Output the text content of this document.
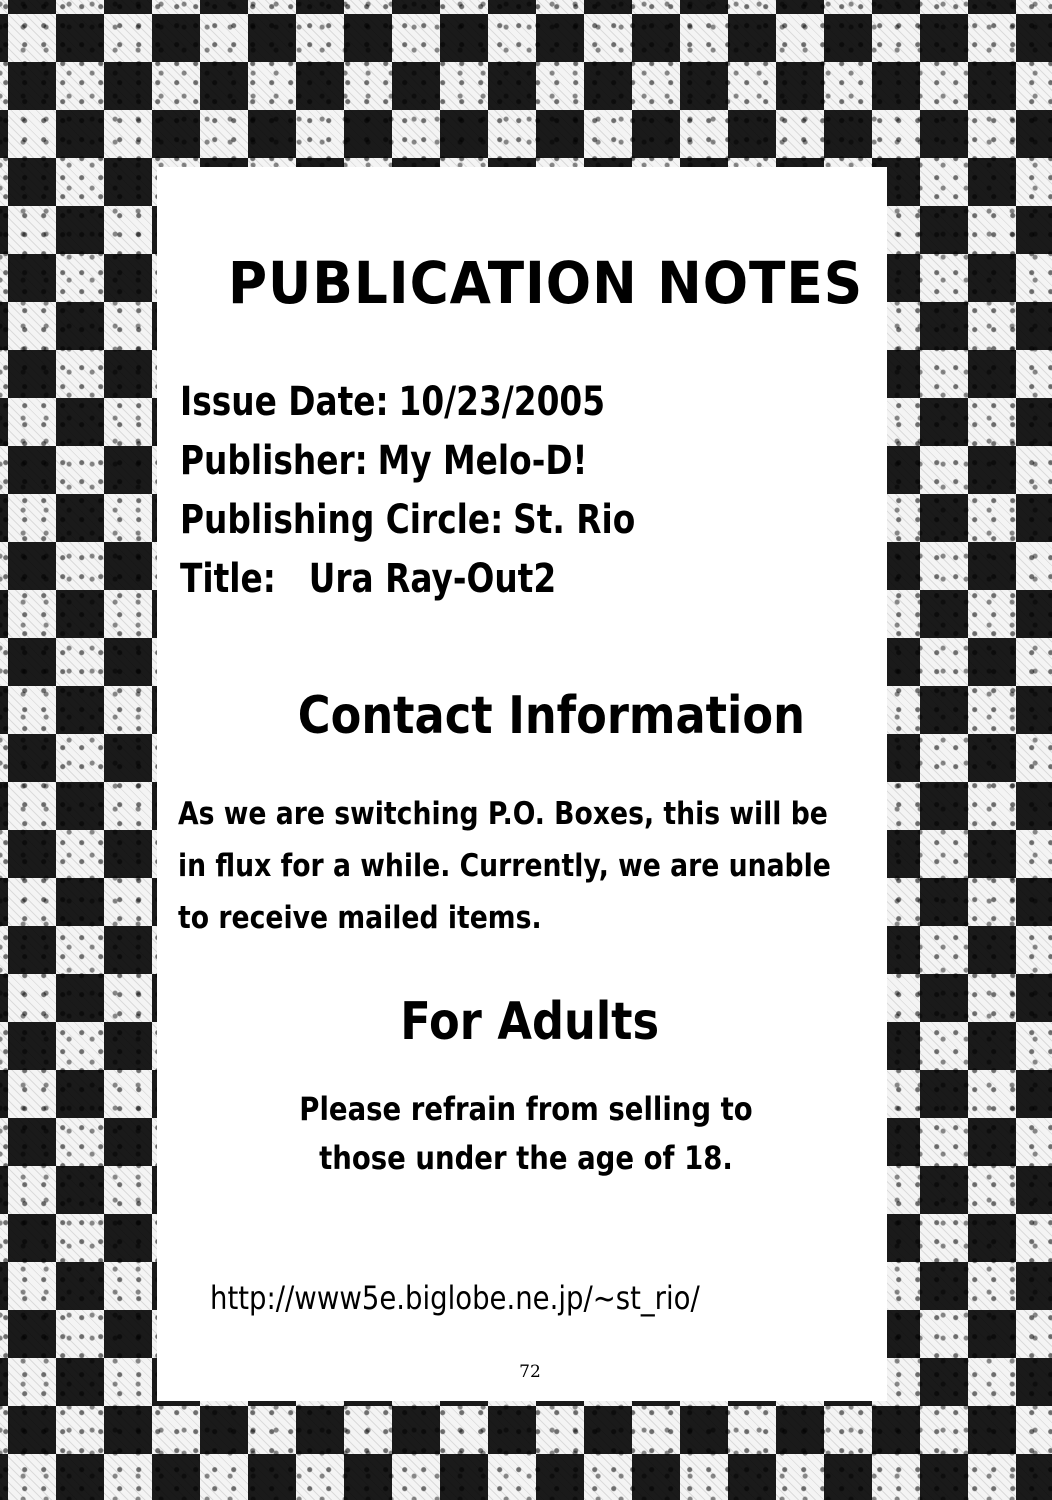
PUBLICATION NOTES
Issue Date: 10/23/2005
Publisher: My Melo-D!
Publishing Circle: St. Rio
Title: Ura Ray-Out2
Contact Information

As we are switching P.O. Boxes, this will be
in flux for a while. Currently, we are unable
to receive mailed items.

For Adults

Please refrain from selling to
those under the age of 18.

http://www5e.biglobe.ne.jp/~st_rio/

72
